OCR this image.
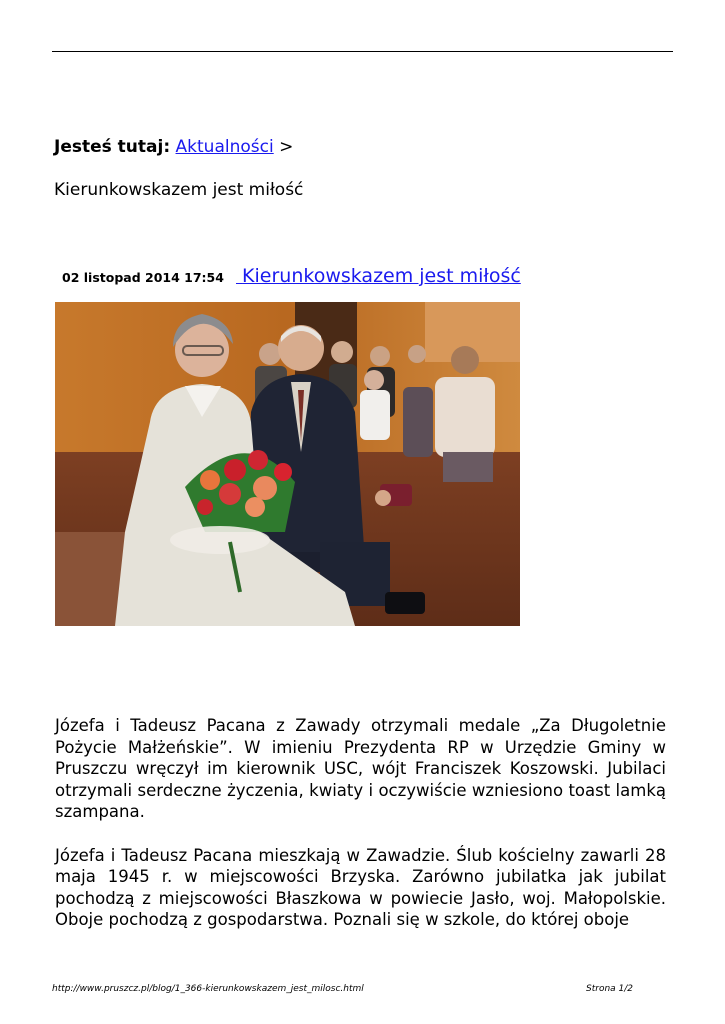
Jesteś tutaj: Aktualności >
Kierunkowskazem jest miłość
02 listopad 2014 17:54 Kierunkowskazem jest miłość

Józefa i Tadeusz Pacana z Zawady otrzymali medale „Za Długoletnie Pożycie Małżeńskie”. W imieniu Prezydenta RP w Urzędzie Gminy w Pruszczu wręczył im kierownik USC, wójt Franciszek Koszowski. Jubilaci otrzymali serdeczne życzenia, kwiaty i oczywiście wzniesiono toast lamką szampana.

Józefa i Tadeusz Pacana mieszkają w Zawadzie. Ślub kościelny zawarli 28 maja 1945 r. w miejscowości Brzyska. Zarówno jubilatka jak jubilat pochodzą z miejscowości Błaszkowa w powiecie Jasło, woj. Małopolskie. Oboje pochodzą z gospodarstwa. Poznali się w szkole, do której oboje

http://www.pruszcz.pl/blog/1_366-kierunkowskazem_jest_milosc.html	Strona 1/2
